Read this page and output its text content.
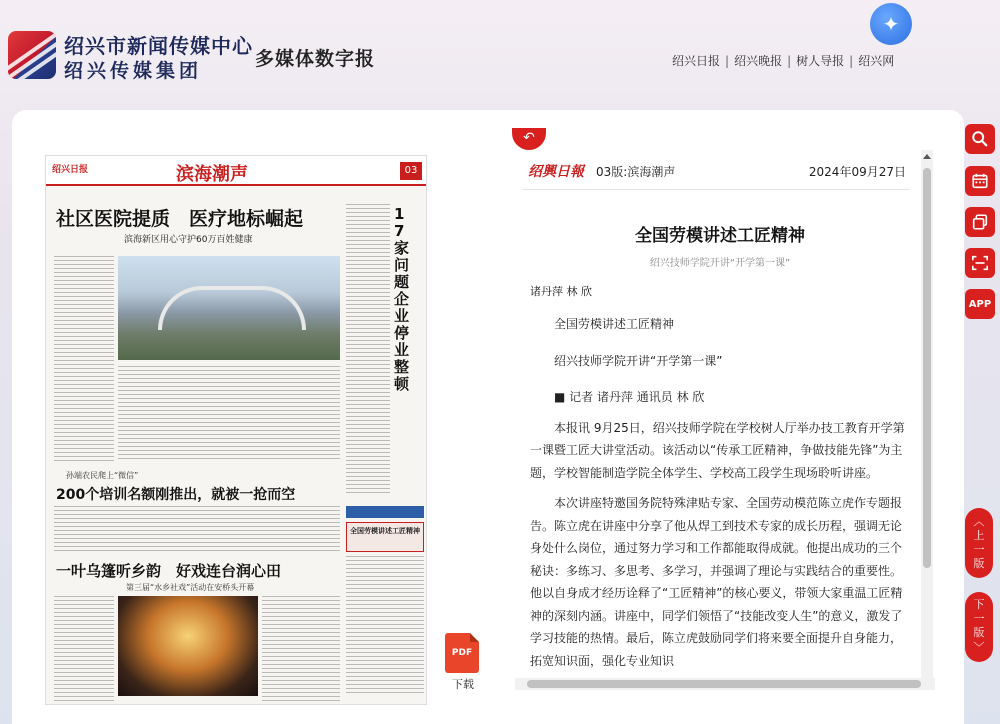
绍兴市新闻传媒中心
绍兴传媒集团
多媒体数字报
✦
绍兴日报 | 绍兴晚报 | 树人导报 | 绍兴网
绍兴日报	滨海潮声	03
社区医院提质　医疗地标崛起
滨海新区用心守护60万百姓健康
17家问题企业停业整顿
孙端农民爬上“微信”
200个培训名额刚推出，就被一抢而空
全国劳模讲述工匠精神
一叶乌篷听乡韵　好戏连台润心田
第三届“水乡社戏”活动在安桥头开幕
↶
绍興日報 03版:滨海潮声	2024年09月27日
全国劳模讲述工匠精神
绍兴技师学院开讲“开学第一课”
诸丹萍 林 欣
全国劳模讲述工匠精神
绍兴技师学院开讲“开学第一课”
■ 记者 诸丹萍 通讯员 林 欣
本报讯 9月25日，绍兴技师学院在学校树人厅举办技工教育开学第一课暨工匠大讲堂活动。该活动以“传承工匠精神，争做技能先锋”为主题，学校智能制造学院全体学生、学校高工段学生现场聆听讲座。
本次讲座特邀国务院特殊津贴专家、全国劳动模范陈立虎作专题报告。陈立虎在讲座中分享了他从焊工到技术专家的成长历程，强调无论身处什么岗位，通过努力学习和工作都能取得成就。他提出成功的三个秘诀：多练习、多思考、多学习，并强调了理论与实践结合的重要性。他以自身成才经历诠释了“工匠精神”的核心要义，带领大家重温工匠精神的深刻内涵。讲座中，同学们领悟了“技能改变人生”的意义，激发了学习技能的热情。最后，陈立虎鼓励同学们将来要全面提升自身能力，拓宽知识面，强化专业知识
PDF
下载
APP
︿

上一版
下一版
﹀
